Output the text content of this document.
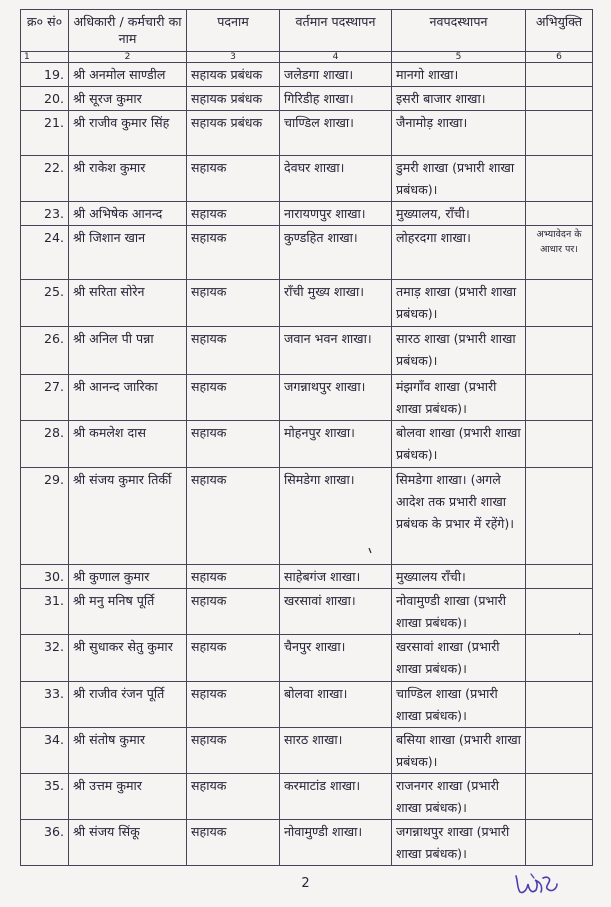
क्र० सं०	अधिकारी / कर्मचारी का नाम	पदनाम	वर्तमान पदस्थापन	नवपदस्थापन	अभियुक्ति
1	2	3	4	5	6
19.	श्री अनमोल साण्डील	सहायक प्रबंधक	जलेडगा शाखा।	मानगो शाखा।	
20.	श्री सूरज कुमार	सहायक प्रबंधक	गिरिडीह शाखा।	इसरी बाजार शाखा।	
21.	श्री राजीव कुमार सिंह	सहायक प्रबंधक	चाण्डिल शाखा।	जैनामोड़ शाखा।	
22.	श्री राकेश कुमार	सहायक	देवघर शाखा।	डुमरी शाखा (प्रभारी शाखा प्रबंधक)।	
23.	श्री अभिषेक आनन्द	सहायक	नारायणपुर शाखा।	मुख्यालय, राँची।	
24.	श्री जिशान खान	सहायक	कुण्डहित शाखा।	लोहरदगा शाखा।	अभ्यावेदन के आधार पर।
25.	श्री सरिता सोरेन	सहायक	राँची मुख्य शाखा।	तमाड़ शाखा (प्रभारी शाखा प्रबंधक)।	
26.	श्री अनिल पी पन्ना	सहायक	जवान भवन शाखा।	सारठ शाखा (प्रभारी शाखा प्रबंधक)।	
27.	श्री आनन्द जारिका	सहायक	जगन्नाथपुर शाखा।	मंझगाँव शाखा (प्रभारी शाखा प्रबंधक)।	
28.	श्री कमलेश दास	सहायक	मोहनपुर शाखा।	बोलवा शाखा (प्रभारी शाखा प्रबंधक)।	
29.	श्री संजय कुमार तिर्की	सहायक	सिमडेगा शाखा।	सिमडेगा शाखा। (अगले आदेश तक प्रभारी शाखा प्रबंधक के प्रभार में रहेंगे)।	
30.	श्री कुणाल कुमार	सहायक	साहेबगंज शाखा।	मुख्यालय राँची।	
31.	श्री मनु मनिष पूर्ति	सहायक	खरसावां शाखा।	नोवामुण्डी शाखा (प्रभारी शाखा प्रबंधक)।	
32.	श्री सुधाकर सेतु कुमार	सहायक	चैनपुर शाखा।	खरसावां शाखा (प्रभारी शाखा प्रबंधक)।	
33.	श्री राजीव रंजन पूर्ति	सहायक	बोलवा शाखा।	चाण्डिल शाखा (प्रभारी शाखा प्रबंधक)।	
34.	श्री संतोष कुमार	सहायक	सारठ शाखा।	बसिया शाखा (प्रभारी शाखा प्रबंधक)।	
35.	श्री उत्तम कुमार	सहायक	करमाटांड शाखा।	राजनगर शाखा (प्रभारी शाखा प्रबंधक)।	
36.	श्री संजय सिंकू	सहायक	नोवामुण्डी शाखा।	जगन्नाथपुर शाखा (प्रभारी शाखा प्रबंधक)।	
·
2
